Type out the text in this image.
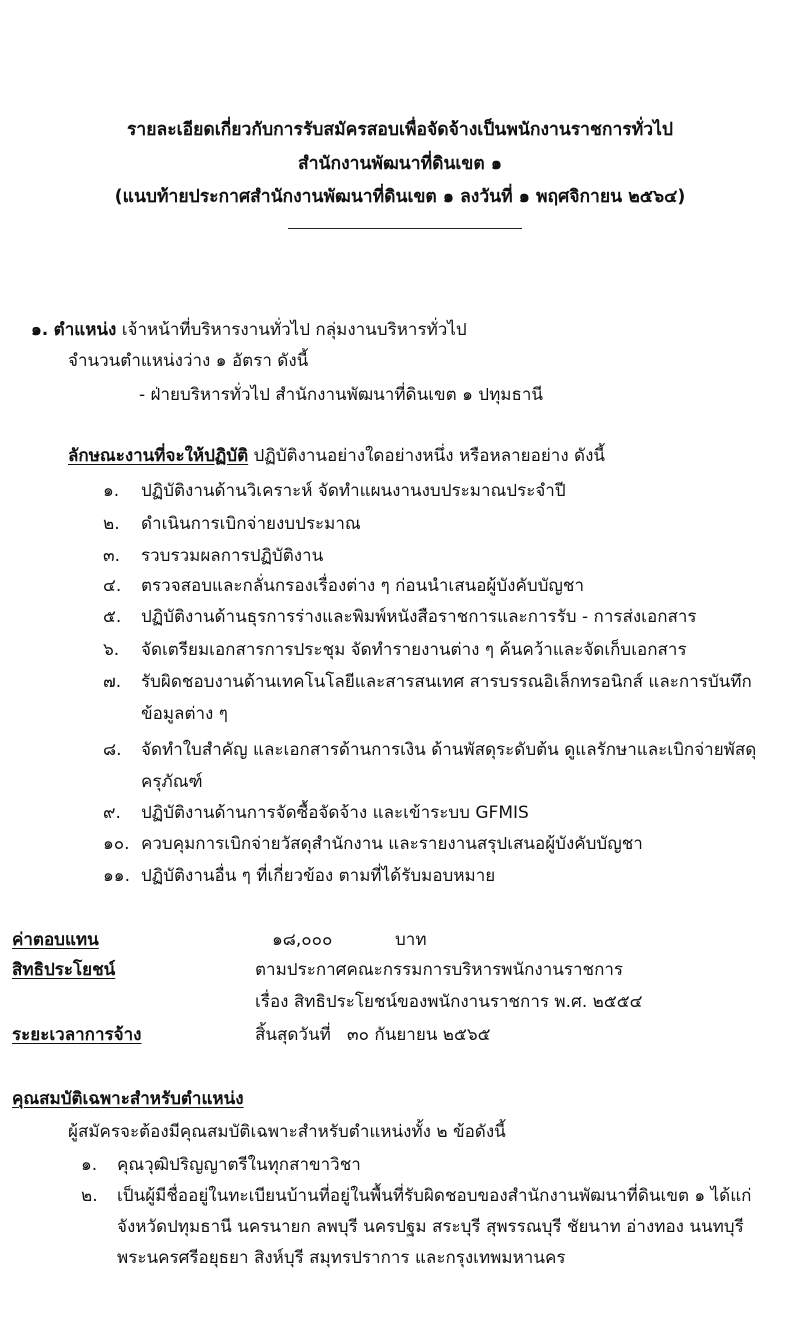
รายละเอียดเกี่ยวกับการรับสมัครสอบเพื่อจัดจ้างเป็นพนักงานราชการทั่วไป
สำนักงานพัฒนาที่ดินเขต ๑
(แนบท้ายประกาศสำนักงานพัฒนาที่ดินเขต ๑ ลงวันที่ ๑ พฤศจิกายน ๒๕๖๔)
๑. ตำแหน่ง เจ้าหน้าที่บริหารงานทั่วไป กลุ่มงานบริหารทั่วไป
จำนวนตำแหน่งว่าง ๑ อัตรา ดังนี้
- ฝ่ายบริหารทั่วไป สำนักงานพัฒนาที่ดินเขต ๑ ปทุมธานี
ลักษณะงานที่จะให้ปฏิบัติ ปฏิบัติงานอย่างใดอย่างหนึ่ง หรือหลายอย่าง ดังนี้
๑. ปฏิบัติงานด้านวิเคราะห์ จัดทำแผนงานงบประมาณประจำปี
๒. ดำเนินการเบิกจ่ายงบประมาณ
๓. รวบรวมผลการปฏิบัติงาน
๔. ตรวจสอบและกลั่นกรองเรื่องต่าง ๆ ก่อนนำเสนอผู้บังคับบัญชา
๕. ปฏิบัติงานด้านธุรการร่างและพิมพ์หนังสือราชการและการรับ - การส่งเอกสาร
๖. จัดเตรียมเอกสารการประชุม จัดทำรายงานต่าง ๆ ค้นคว้าและจัดเก็บเอกสาร
๗. รับผิดชอบงานด้านเทคโนโลยีและสารสนเทศ สารบรรณอิเล็กทรอนิกส์ และการบันทึก
ข้อมูลต่าง ๆ
๘. จัดทำใบสำคัญ และเอกสารด้านการเงิน ด้านพัสดุระดับต้น ดูแลรักษาและเบิกจ่ายพัสดุ
ครุภัณฑ์
๙. ปฏิบัติงานด้านการจัดซื้อจัดจ้าง และเข้าระบบ GFMIS
๑๐. ควบคุมการเบิกจ่ายวัสดุสำนักงาน และรายงานสรุปเสนอผู้บังคับบัญชา
๑๑. ปฏิบัติงานอื่น ๆ ที่เกี่ยวข้อง ตามที่ได้รับมอบหมาย
ค่าตอบแทน	๑๘,๐๐๐	บาท
สิทธิประโยชน์	ตามประกาศคณะกรรมการบริหารพนักงานราชการ
เรื่อง สิทธิประโยชน์ของพนักงานราชการ พ.ศ. ๒๕๕๔
ระยะเวลาการจ้าง	สิ้นสุดวันที่   ๓๐ กันยายน ๒๕๖๕
คุณสมบัติเฉพาะสำหรับตำแหน่ง
ผู้สมัครจะต้องมีคุณสมบัติเฉพาะสำหรับตำแหน่งทั้ง ๒ ข้อดังนี้
๑. คุณวุฒิปริญญาตรีในทุกสาขาวิชา
๒. เป็นผู้มีชื่ออยู่ในทะเบียนบ้านที่อยู่ในพื้นที่รับผิดชอบของสำนักงานพัฒนาที่ดินเขต ๑ ได้แก่
จังหวัดปทุมธานี นครนายก ลพบุรี นครปฐม สระบุรี สุพรรณบุรี ชัยนาท อ่างทอง นนทบุรี
พระนครศรีอยุธยา สิงห์บุรี สมุทรปราการ และกรุงเทพมหานคร
